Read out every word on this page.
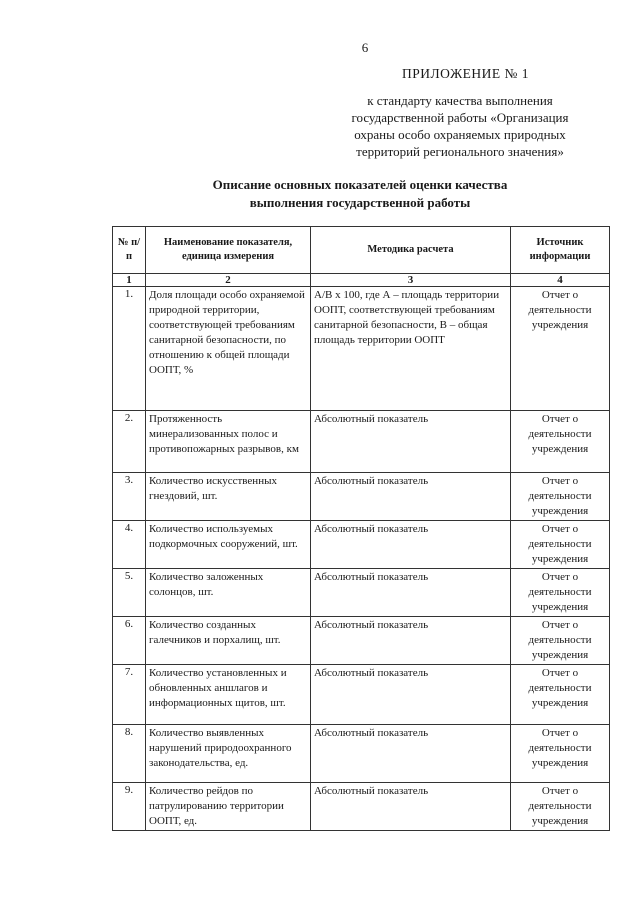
6
ПРИЛОЖЕНИЕ № 1
к стандарту качества выполнения
государственной работы «Организация
охраны особо охраняемых природных
территорий регионального значения»
Описание основных показателей оценки качества
выполнения государственной работы
№ п/п	Наименование показателя, единица измерения	Методика расчета	Источник информации
1	2	3	4
1.	Доля площади особо охраняемой природной территории, соответствующей требованиям санитарной безопасности, по отношению к общей площади ООПТ, %	А/В х 100, где А – площадь территории ООПТ, соответствующей требованиям санитарной безопасности, В – общая площадь территории ООПТ	Отчет о деятельности учреждения
2.	Протяженность минерализованных полос и противопожарных разрывов, км	Абсолютный показатель	Отчет о деятельности учреждения
3.	Количество искусственных гнездовий, шт.	Абсолютный показатель	Отчет о деятельности учреждения
4.	Количество используемых подкормочных сооружений, шт.	Абсолютный показатель	Отчет о деятельности учреждения
5.	Количество заложенных солонцов, шт.	Абсолютный показатель	Отчет о деятельности учреждения
6.	Количество созданных галечников и порхалищ, шт.	Абсолютный показатель	Отчет о деятельности учреждения
7.	Количество установленных и обновленных аншлагов и информационных щитов, шт.	Абсолютный показатель	Отчет о деятельности учреждения
8.	Количество выявленных нарушений природоохранного законодательства, ед.	Абсолютный показатель	Отчет о деятельности учреждения
9.	Количество рейдов по патрулированию территории ООПТ, ед.	Абсолютный показатель	Отчет о деятельности учреждения
